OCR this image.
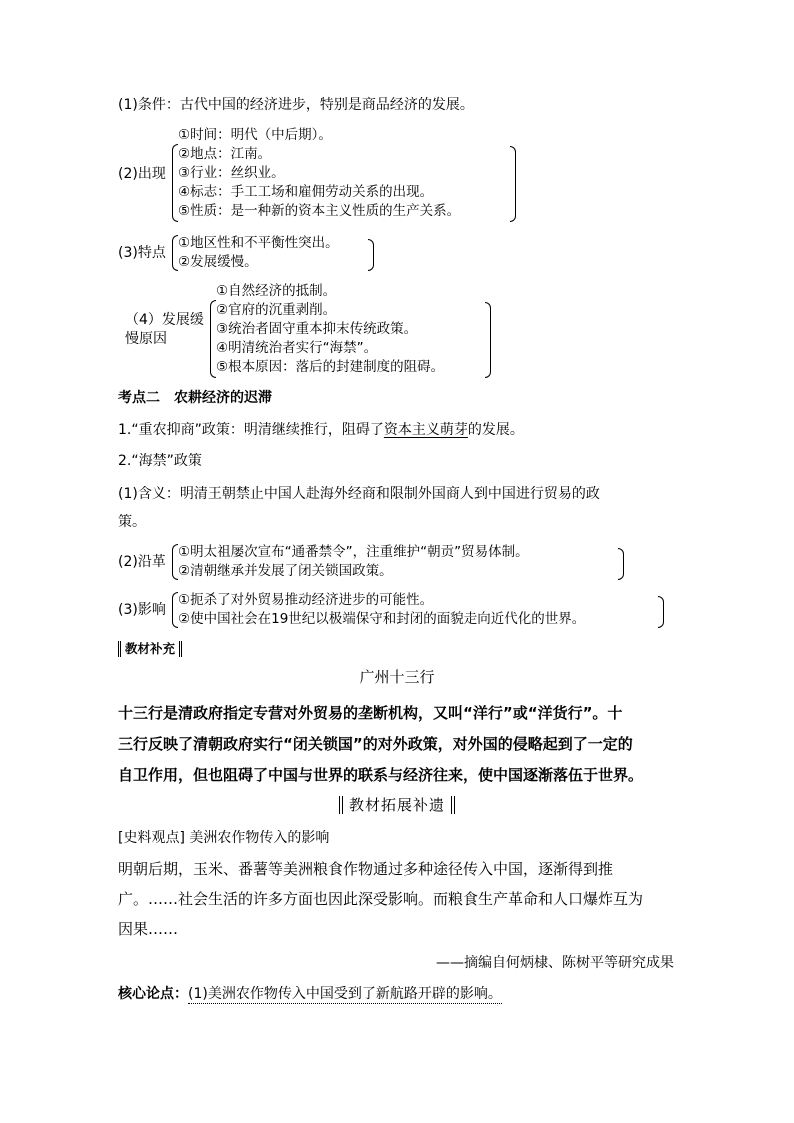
(1)条件：古代中国的经济进步，特别是商品经济的发展。
(2)出现
①时间：明代（中后期）。
②地点：江南。
③行业：丝织业。
④标志：手工工场和雇佣劳动关系的出现。
⑤性质：是一种新的资本主义性质的生产关系。
(3)特点
①地区性和不平衡性突出。
②发展缓慢。
（4）发展缓
慢原因
①自然经济的抵制。
②官府的沉重剥削。
③统治者固守重本抑末传统政策。
④明清统治者实行“海禁”。
⑤根本原因：落后的封建制度的阻碍。
考点二　农耕经济的迟滞
1.“重农抑商”政策：明清继续推行，阻碍了资本主义萌芽的发展。
2.“海禁”政策
(1)含义：明清王朝禁止中国人赴海外经商和限制外国商人到中国进行贸易的政
策。
(2)沿革
①明太祖屡次宣布“通番禁令”，注重维护“朝贡”贸易体制。
②清朝继承并发展了闭关锁国政策。
(3)影响
①扼杀了对外贸易推动经济进步的可能性。
②使中国社会在19世纪以极端保守和封闭的面貌走向近代化的世界。
教材补充
广州十三行
十三行是清政府指定专营对外贸易的垄断机构，又叫“洋行”或“洋货行”。十
三行反映了清朝政府实行“闭关锁国”的对外政策，对外国的侵略起到了一定的
自卫作用，但也阻碍了中国与世界的联系与经济往来，使中国逐渐落伍于世界。
教材拓展补遗
[史料观点] 美洲农作物传入的影响
明朝后期，玉米、番薯等美洲粮食作物通过多种途径传入中国，逐渐得到推
广。……社会生活的许多方面也因此深受影响。而粮食生产革命和人口爆炸互为
因果……
——摘编自何炳棣、陈树平等研究成果
核心论点：(1)美洲农作物传入中国受到了新航路开辟的影响。
